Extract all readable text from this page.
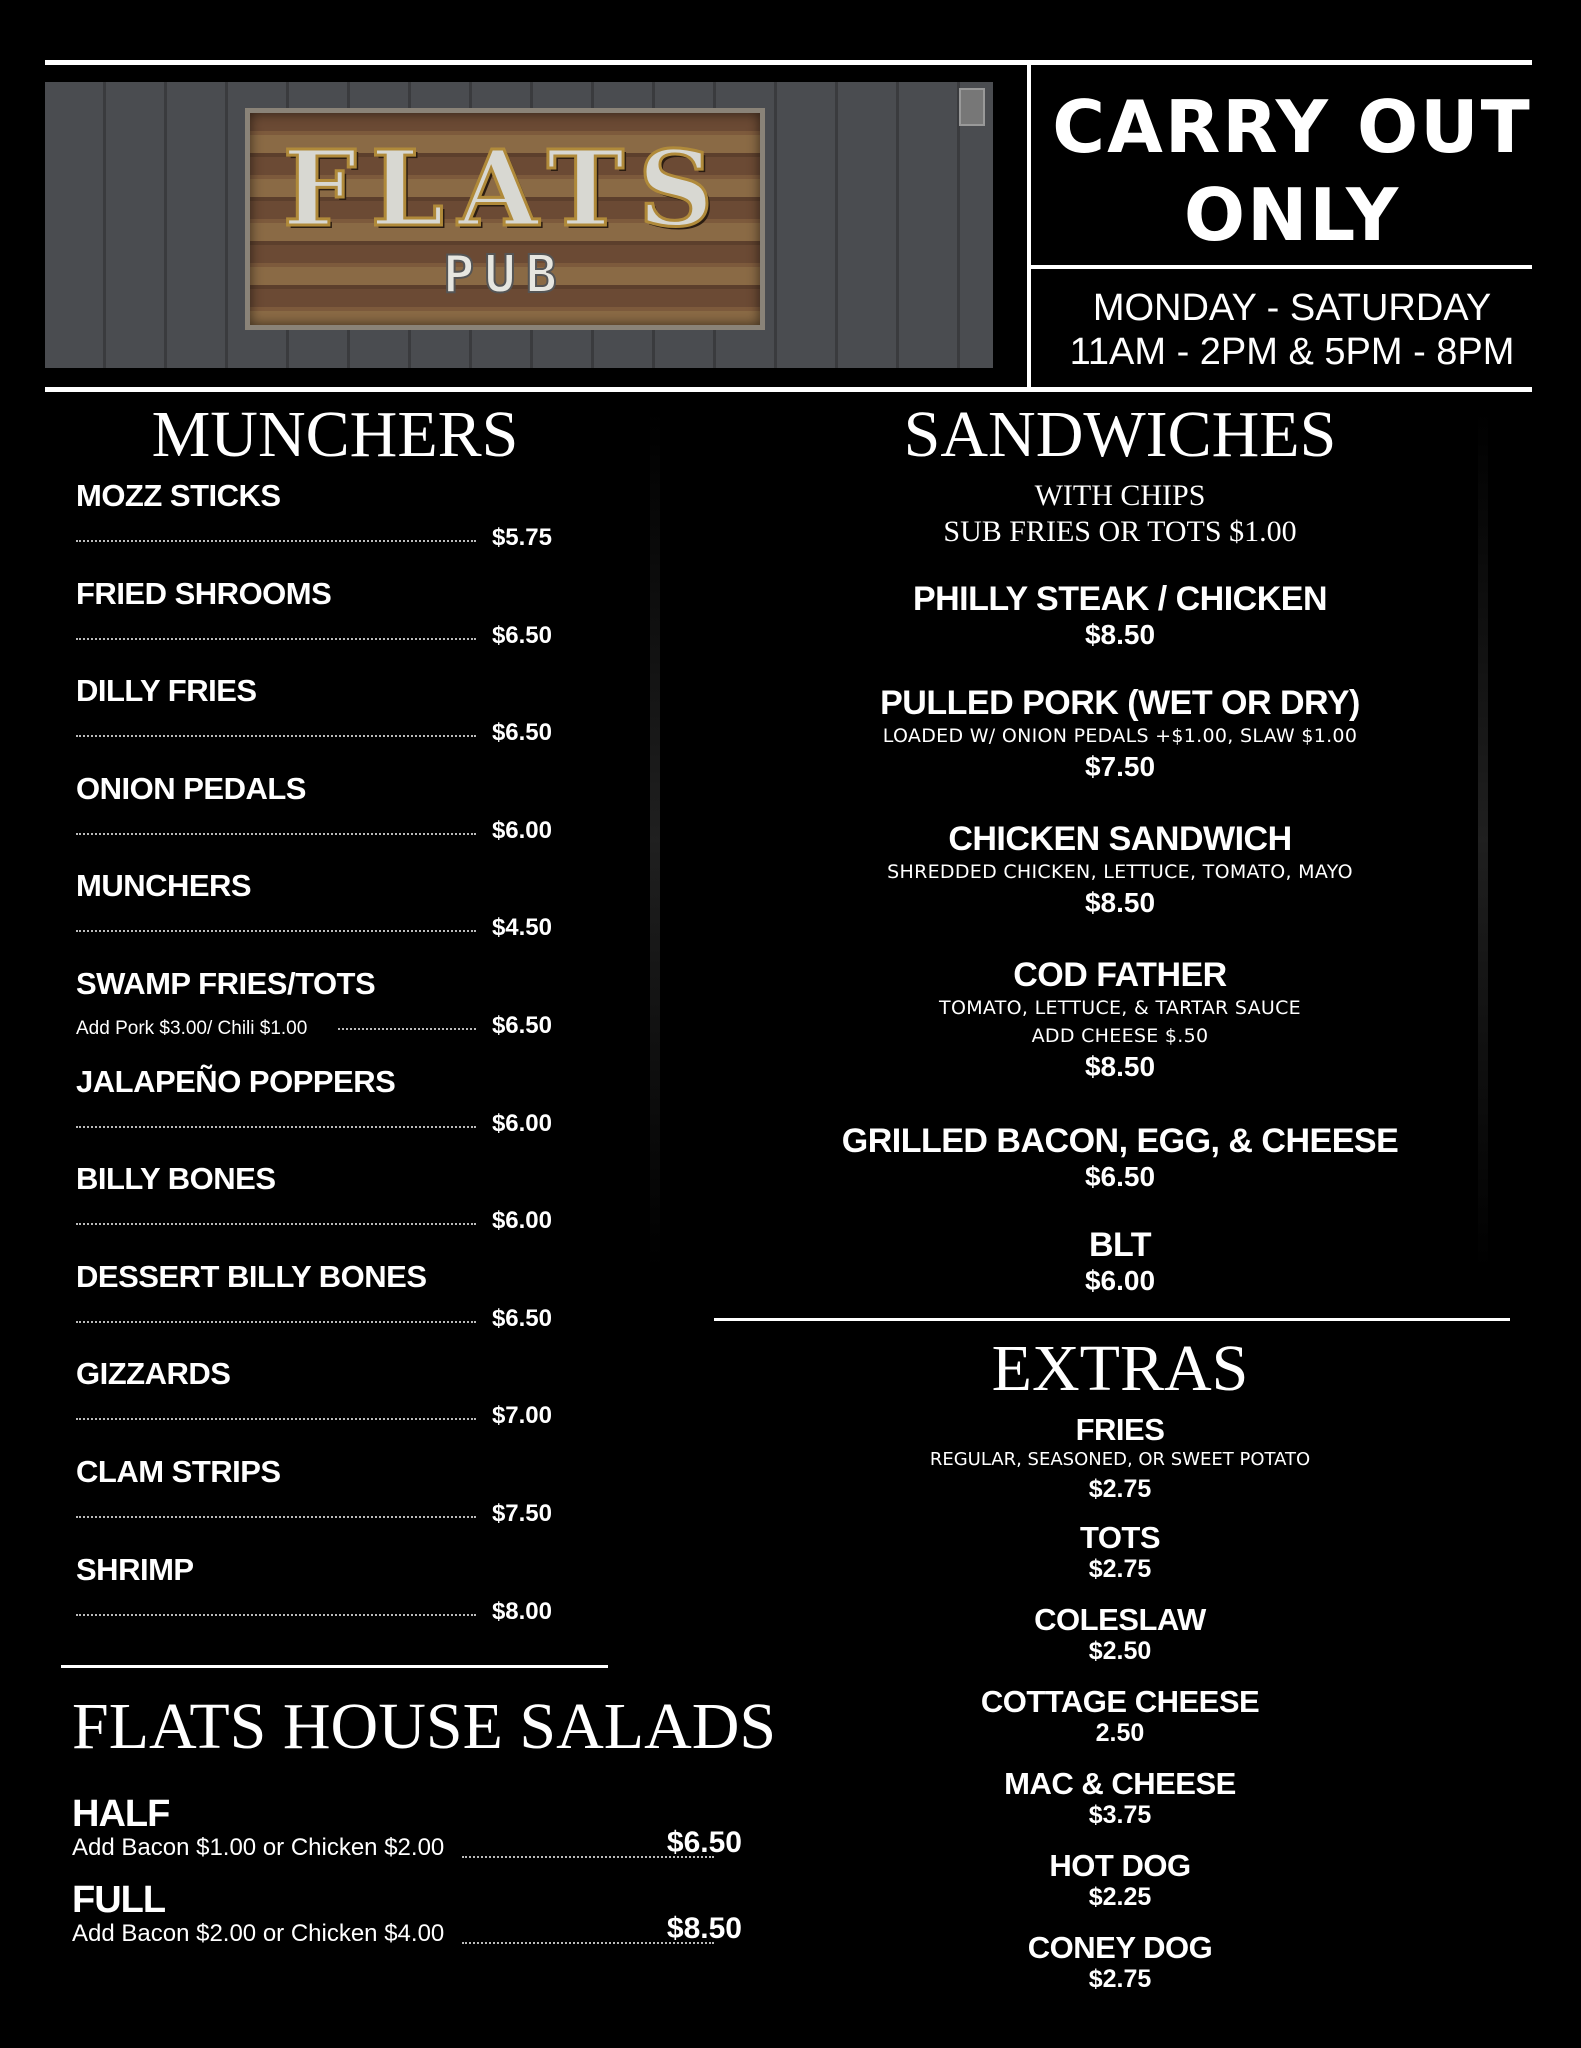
FLATS
PUB
CARRY OUT
ONLY
MONDAY - SATURDAY
11AM - 2PM & 5PM - 8PM
MUNCHERS
MOZZ STICKS
$5.75
FRIED SHROOMS
$6.50
DILLY FRIES
$6.50
ONION PEDALS
$6.00
MUNCHERS
$4.50
SWAMP FRIES/TOTS
Add Pork $3.00/ Chili $1.00	$6.50
JALAPEÑO POPPERS
$6.00
BILLY BONES
$6.00
DESSERT BILLY BONES
$6.50
GIZZARDS
$7.00
CLAM STRIPS
$7.50
SHRIMP
$8.00
SANDWICHES
WITH CHIPS
SUB FRIES OR TOTS $1.00
PHILLY STEAK / CHICKEN
$8.50
PULLED PORK (WET OR DRY)
LOADED W/ ONION PEDALS +$1.00, SLAW $1.00
$7.50
CHICKEN SANDWICH
SHREDDED CHICKEN, LETTUCE, TOMATO, MAYO
$8.50
COD FATHER
TOMATO, LETTUCE, & TARTAR SAUCE
ADD CHEESE $.50
$8.50
GRILLED BACON, EGG, & CHEESE
$6.50
BLT
$6.00
EXTRAS
FRIES
REGULAR, SEASONED, OR SWEET POTATO
$2.75
TOTS
$2.75
COLESLAW
$2.50
COTTAGE CHEESE
2.50
MAC & CHEESE
$3.75
HOT DOG
$2.25
CONEY DOG
$2.75
FLATS HOUSE SALADS
HALF
Add Bacon $1.00 or Chicken $2.00	$6.50
FULL
Add Bacon $2.00 or Chicken $4.00	$8.50
